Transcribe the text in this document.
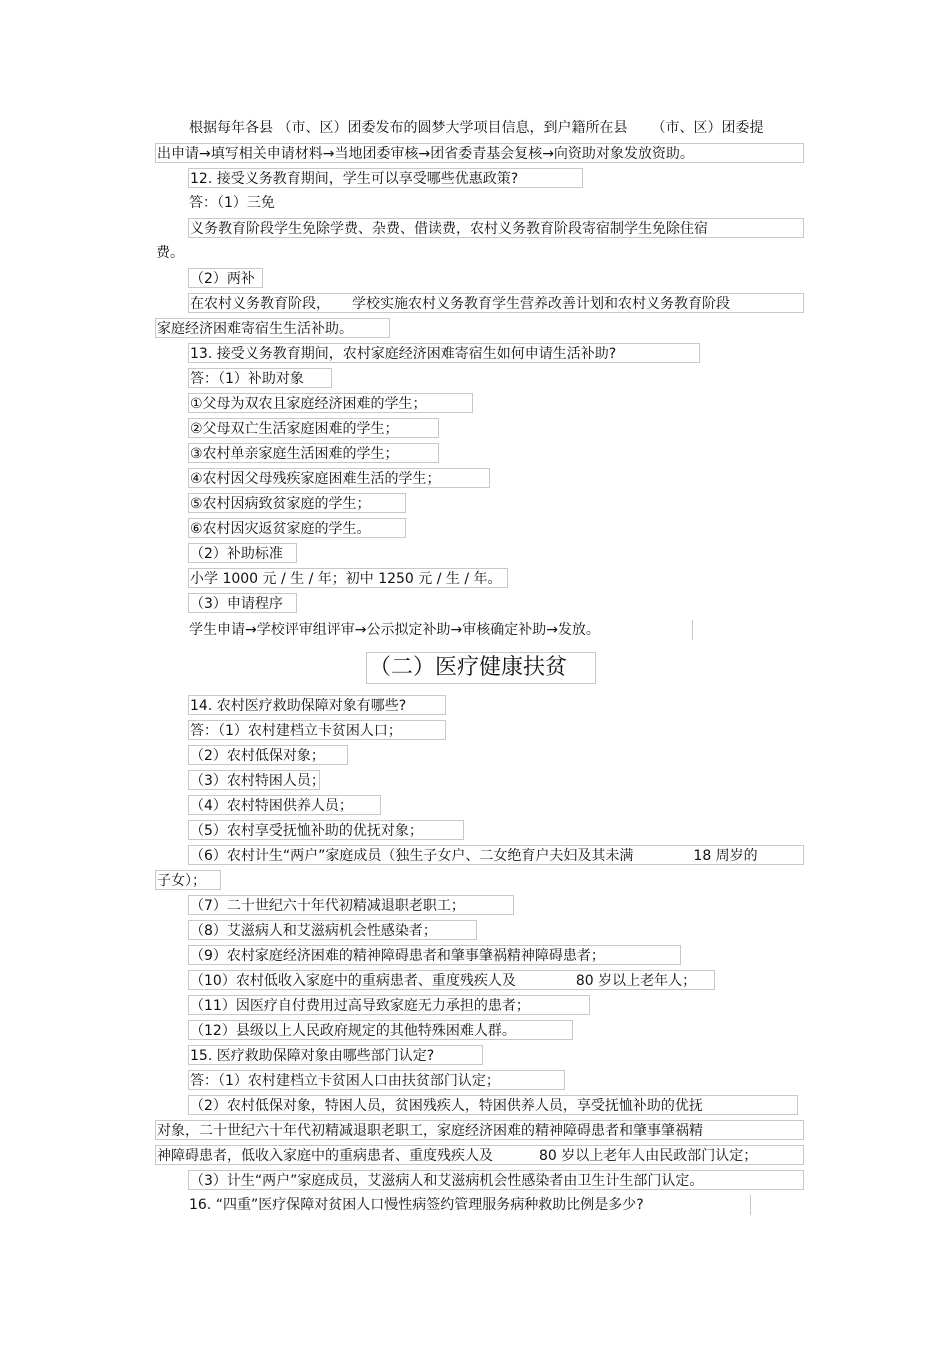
根据每年各县 （市、区）团委发布的圆梦大学项目信息，到户籍所在县 （市、区）团委提
出申请→填写相关申请材料→当地团委审核→团省委青基会复核→向资助对象发放资助。
12. 接受义务教育期间，学生可以享受哪些优惠政策?
答：（1）三免
义务教育阶段学生免除学费、杂费、借读费，农村义务教育阶段寄宿制学生免除住宿
费。
（2）两补
在农村义务教育阶段， 学校实施农村义务教育学生营养改善计划和农村义务教育阶段
家庭经济困难寄宿生生活补助。
13. 接受义务教育期间，农村家庭经济困难寄宿生如何申请生活补助?
答：（1）补助对象
①父母为双农且家庭经济困难的学生；
②父母双亡生活家庭困难的学生；
③农村单亲家庭生活困难的学生；
④农村因父母残疾家庭困难生活的学生；
⑤农村因病致贫家庭的学生；
⑥农村因灾返贫家庭的学生。
（2）补助标准
小学 1000 元 / 生 / 年；初中 1250 元 / 生 / 年。
（3）申请程序
学生申请→学校评审组评审→公示拟定补助→审核确定补助→发放。
（二）医疗健康扶贫
14. 农村医疗救助保障对象有哪些?
答：（1）农村建档立卡贫困人口；
（2）农村低保对象；
（3）农村特困人员；
（4）农村特困供养人员；
（5）农村享受抚恤补助的优抚对象；
（6）农村计生“两户”家庭成员（独生子女户、二女绝育户夫妇及其未满	18 周岁的
子女）；
（7）二十世纪六十年代初精减退职老职工；
（8）艾滋病人和艾滋病机会性感染者；
（9）农村家庭经济困难的精神障碍患者和肇事肇祸精神障碍患者；
（10）农村低收入家庭中的重病患者、重度残疾人及	80 岁以上老年人；
（11）因医疗自付费用过高导致家庭无力承担的患者；
（12）县级以上人民政府规定的其他特殊困难人群。
15. 医疗救助保障对象由哪些部门认定?
答：（1）农村建档立卡贫困人口由扶贫部门认定；
（2）农村低保对象，特困人员，贫困残疾人，特困供养人员，享受抚恤补助的优抚
对象，二十世纪六十年代初精减退职老职工，家庭经济困难的精神障碍患者和肇事肇祸精
神障碍患者，低收入家庭中的重病患者、重度残疾人及	80 岁以上老年人由民政部门认定；
（3）计生“两户”家庭成员，艾滋病人和艾滋病机会性感染者由卫生计生部门认定。
16. “四重”医疗保障对贫困人口慢性病签约管理服务病种救助比例是多少?
